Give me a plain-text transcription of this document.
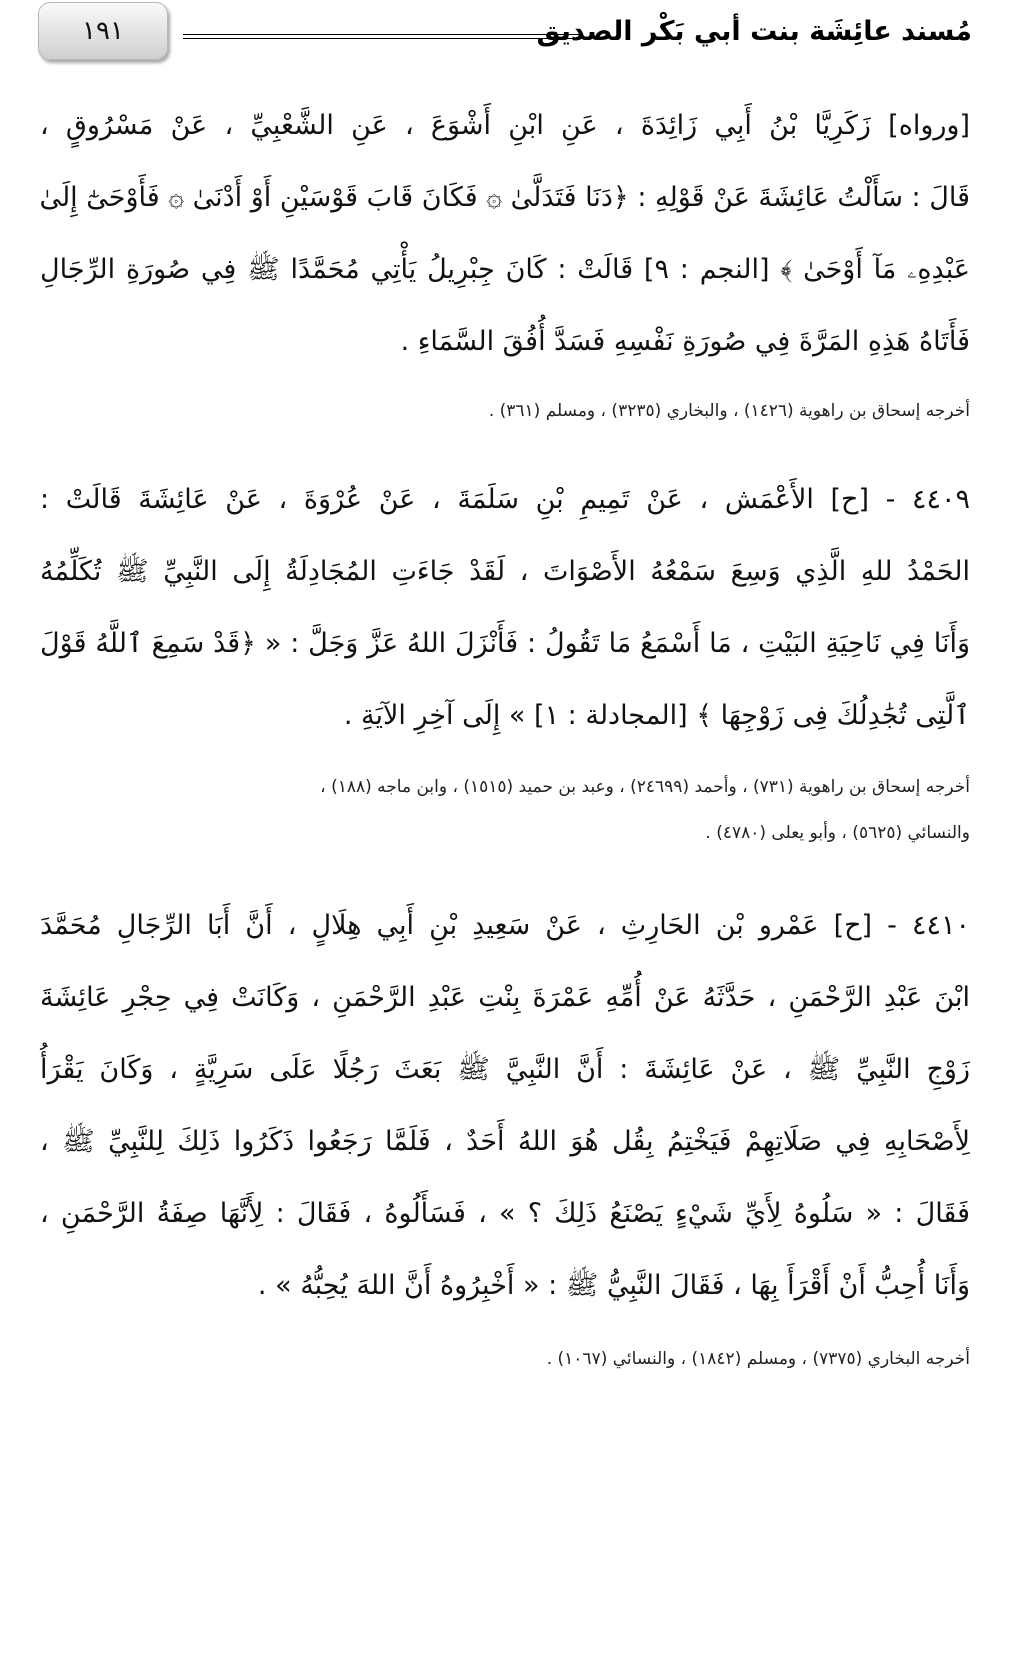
مُسند عائِشَة بنت أبي بَكْر الصديق
١٩١
[ورواه] زَكَرِيَّا بْنُ أَبِي زَائِدَةَ ، عَنِ ابْنِ أَشْوَعَ ، عَنِ الشَّعْبِيِّ ، عَنْ مَسْرُوقٍ ،
قَالَ : سَأَلْتُ عَائِشَةَ عَنْ قَوْلِهِ : ﴿دَنَا فَتَدَلَّىٰ ۞ فَكَانَ قَابَ قَوْسَيْنِ أَوْ أَدْنَىٰ ۞ فَأَوْحَىٰٓ إِلَىٰ
عَبْدِهِۦ مَآ أَوْحَىٰ ﴾ [النجم : ٩] قَالَتْ : كَانَ جِبْرِيلُ يَأْتِي مُحَمَّدًا ﷺ فِي صُورَةِ الرِّجَالِ
فَأَتَاهُ هَذِهِ المَرَّةَ فِي صُورَةِ نَفْسِهِ فَسَدَّ أُفُقَ السَّمَاءِ .
أخرجه إسحاق بن راهوية (١٤٢٦) ، والبخاري (٣٢٣٥) ، ومسلم (٣٦١) .
٤٤٠٩ - [ح] الأَعْمَش ، عَنْ تَمِيمِ بْنِ سَلَمَةَ ، عَنْ عُرْوَةَ ، عَنْ عَائِشَةَ قَالَتْ :
الحَمْدُ للهِ الَّذِي وَسِعَ سَمْعُهُ الأَصْوَاتَ ، لَقَدْ جَاءَتِ المُجَادِلَةُ إِلَى النَّبِيِّ ﷺ تُكَلِّمُهُ
وَأَنَا فِي نَاحِيَةِ البَيْتِ ، مَا أَسْمَعُ مَا تَقُولُ : فَأَنْزَلَ اللهُ عَزَّ وَجَلَّ : « ﴿قَدْ سَمِعَ ٱللَّهُ قَوْلَ
ٱلَّتِى تُجَٰدِلُكَ فِى زَوْجِهَا ﴾ [المجادلة : ١] » إِلَى آخِرِ الآيَةِ .
أخرجه إسحاق بن راهوية (٧٣١) ، وأحمد (٢٤٦٩٩) ، وعبد بن حميد (١٥١٥) ، وابن ماجه (١٨٨) ،
والنسائي (٥٦٢٥) ، وأبو يعلى (٤٧٨٠) .
٤٤١٠ - [ح] عَمْرو بْن الحَارِثِ ، عَنْ سَعِيدِ بْنِ أَبِي هِلَالٍ ، أَنَّ أَبَا الرِّجَالِ مُحَمَّدَ
ابْنَ عَبْدِ الرَّحْمَنِ ، حَدَّثَهُ عَنْ أُمِّهِ عَمْرَةَ بِنْتِ عَبْدِ الرَّحْمَنِ ، وَكَانَتْ فِي حِجْرِ عَائِشَةَ
زَوْجِ النَّبِيِّ ﷺ ، عَنْ عَائِشَةَ : أَنَّ النَّبِيَّ ﷺ بَعَثَ رَجُلًا عَلَى سَرِيَّةٍ ، وَكَانَ يَقْرَأُ
لِأَصْحَابِهِ فِي صَلَاتِهِمْ فَيَخْتِمُ بِقُل هُوَ اللهُ أَحَدٌ ، فَلَمَّا رَجَعُوا ذَكَرُوا ذَلِكَ لِلنَّبِيِّ ﷺ ،
فَقَالَ : « سَلُوهُ لِأَيِّ شَيْءٍ يَصْنَعُ ذَلِكَ ؟ » ، فَسَأَلُوهُ ، فَقَالَ : لِأَنَّهَا صِفَةُ الرَّحْمَنِ ،
وَأَنَا أُحِبُّ أَنْ أَقْرَأَ بِهَا ، فَقَالَ النَّبِيُّ ﷺ : « أَخْبِرُوهُ أَنَّ اللهَ يُحِبُّهُ » .
أخرجه البخاري (٧٣٧٥) ، ومسلم (١٨٤٢) ، والنسائي (١٠٦٧) .
